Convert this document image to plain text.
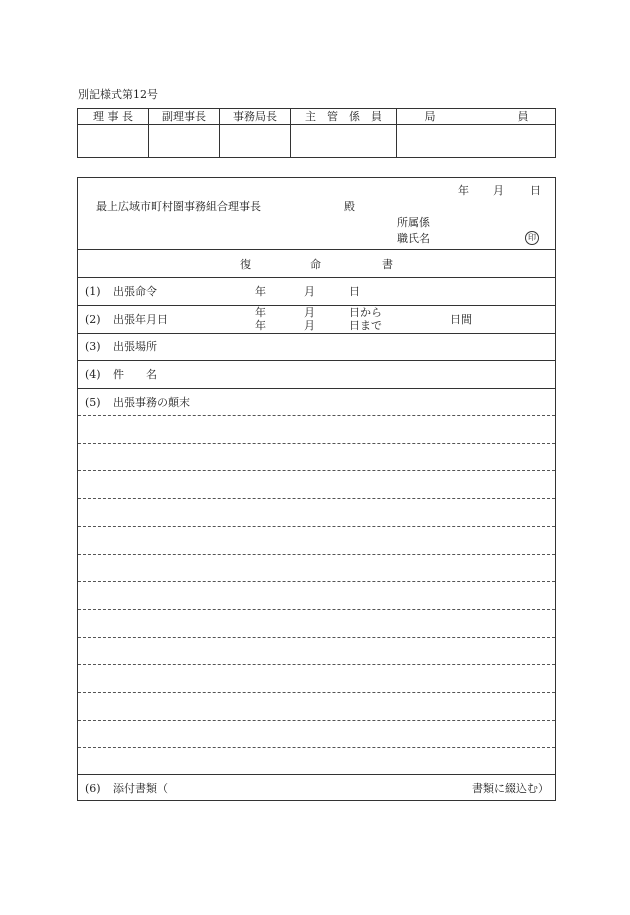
別記様式第12号
理 事 長	副理事長	事務局長	主　管　係　員	局	員
年 月 日
最上広域市町村圏事務組合理事長	殿
所属係
職氏名	印
復	命	書
(1) 出張命令	年	月	日
(2) 出張年月日
年	月	日から
年	月	日まで	日間
(3) 出張場所
(4) 件　　名
(5) 出張事務の顛末
(6) 添付書類（	書類に綴込む）
